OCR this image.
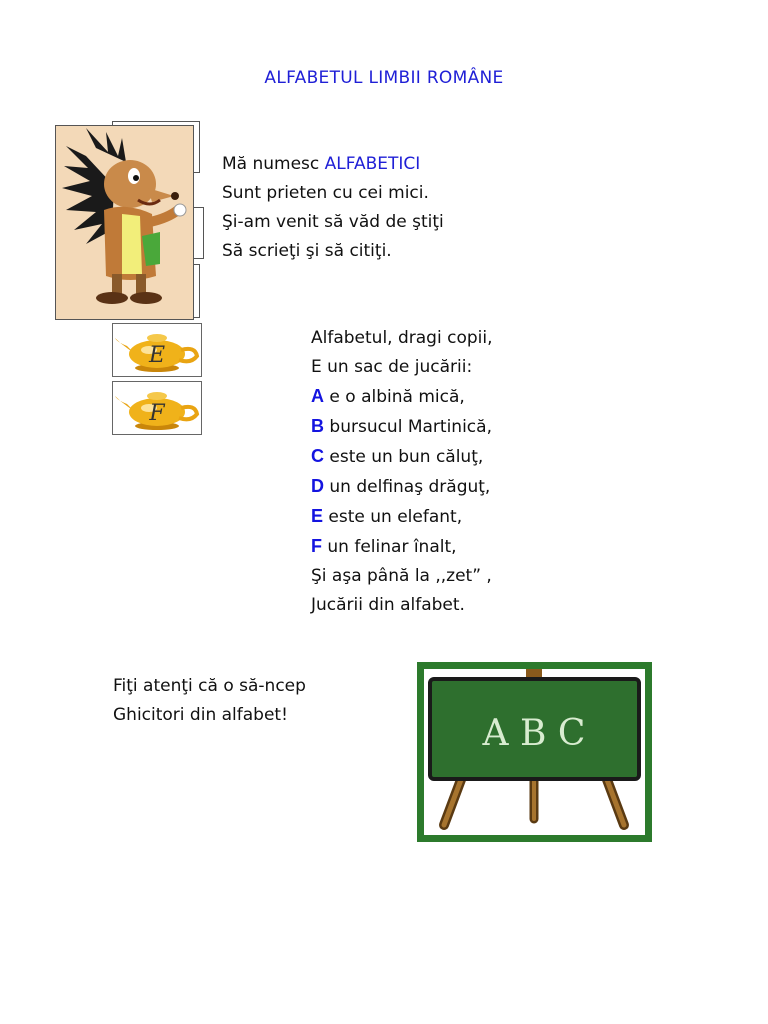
ALFABETUL LIMBII ROMÂNE
E
F
Mă numesc ALFABETICI
Sunt prieten cu cei mici.
Şi-am venit să văd de ştiţi
Să scrieţi şi să citiţi.
Alfabetul, dragi copii,
E un sac de jucării:
A e o albină mică,
B bursucul Martinică,
C este un bun căluţ,
D un delfinaş drăguţ,
E este un elefant,
F un felinar înalt,
Şi aşa până la ,,zet” ,
Jucării din alfabet.
Fiţi atenţi că o să-ncep
Ghicitori din alfabet!	A B C
